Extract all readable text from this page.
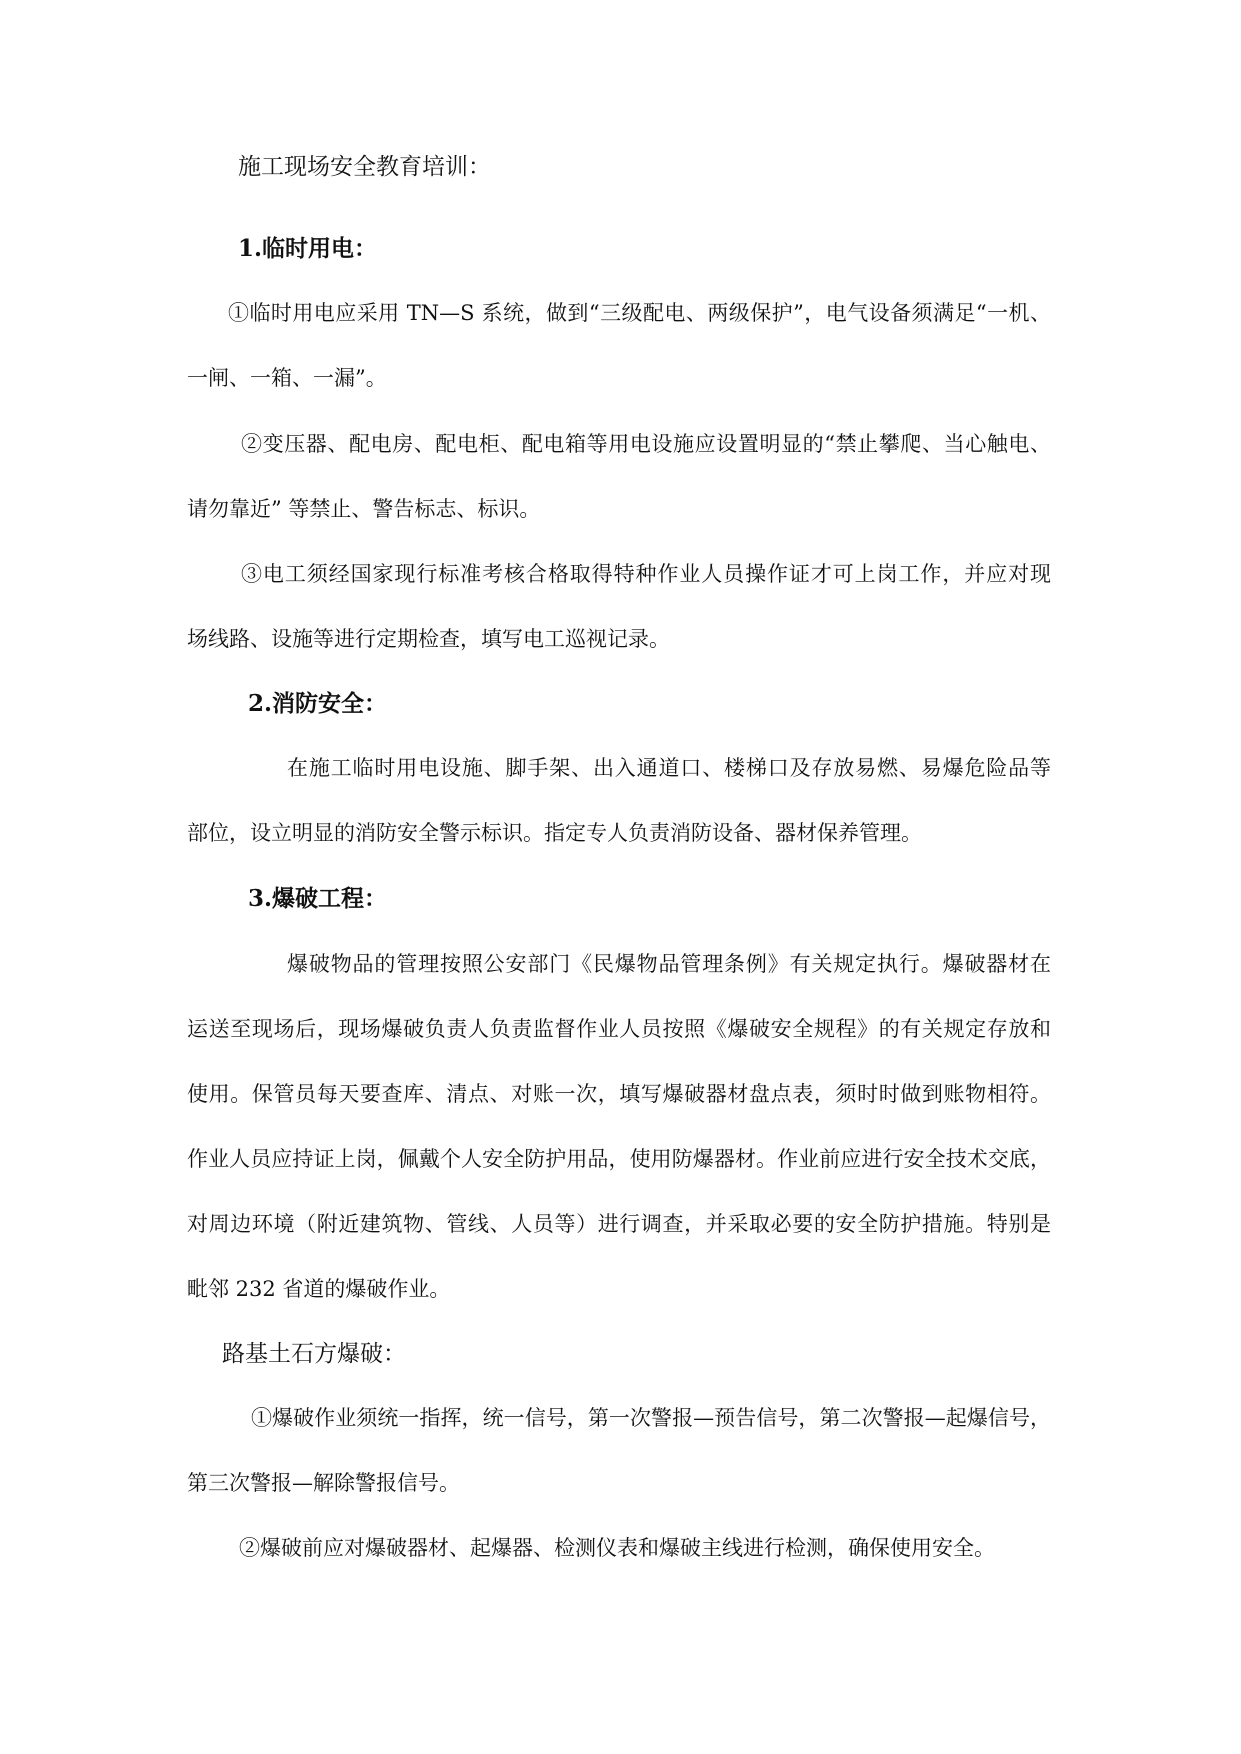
施工现场安全教育培训：
1.临时用电：
①临时用电应采用 TN—S 系统，做到“三级配电、两级保护”，电气设备须满足“一机、
一闸、一箱、一漏”。
②变压器、配电房、配电柜、配电箱等用电设施应设置明显的“禁止攀爬、当心触电、
请勿靠近” 等禁止、警告标志、标识。
③电工须经国家现行标准考核合格取得特种作业人员操作证才可上岗工作，并应对现
场线路、设施等进行定期检查，填写电工巡视记录。
2.消防安全：
在施工临时用电设施、脚手架、出入通道口、楼梯口及存放易燃、易爆危险品等
部位，设立明显的消防安全警示标识。指定专人负责消防设备、器材保养管理。
3.爆破工程：
爆破物品的管理按照公安部门《民爆物品管理条例》有关规定执行。爆破器材在
运送至现场后，现场爆破负责人负责监督作业人员按照《爆破安全规程》的有关规定存放和
使用。保管员每天要查库、清点、对账一次，填写爆破器材盘点表，须时时做到账物相符。
作业人员应持证上岗，佩戴个人安全防护用品，使用防爆器材。作业前应进行安全技术交底，
对周边环境（附近建筑物、管线、人员等）进行调查，并采取必要的安全防护措施。特别是
毗邻 232 省道的爆破作业。
路基土石方爆破：
①爆破作业须统一指挥，统一信号，第一次警报—预告信号，第二次警报—起爆信号，
第三次警报—解除警报信号。
②爆破前应对爆破器材、起爆器、检测仪表和爆破主线进行检测，确保使用安全。
